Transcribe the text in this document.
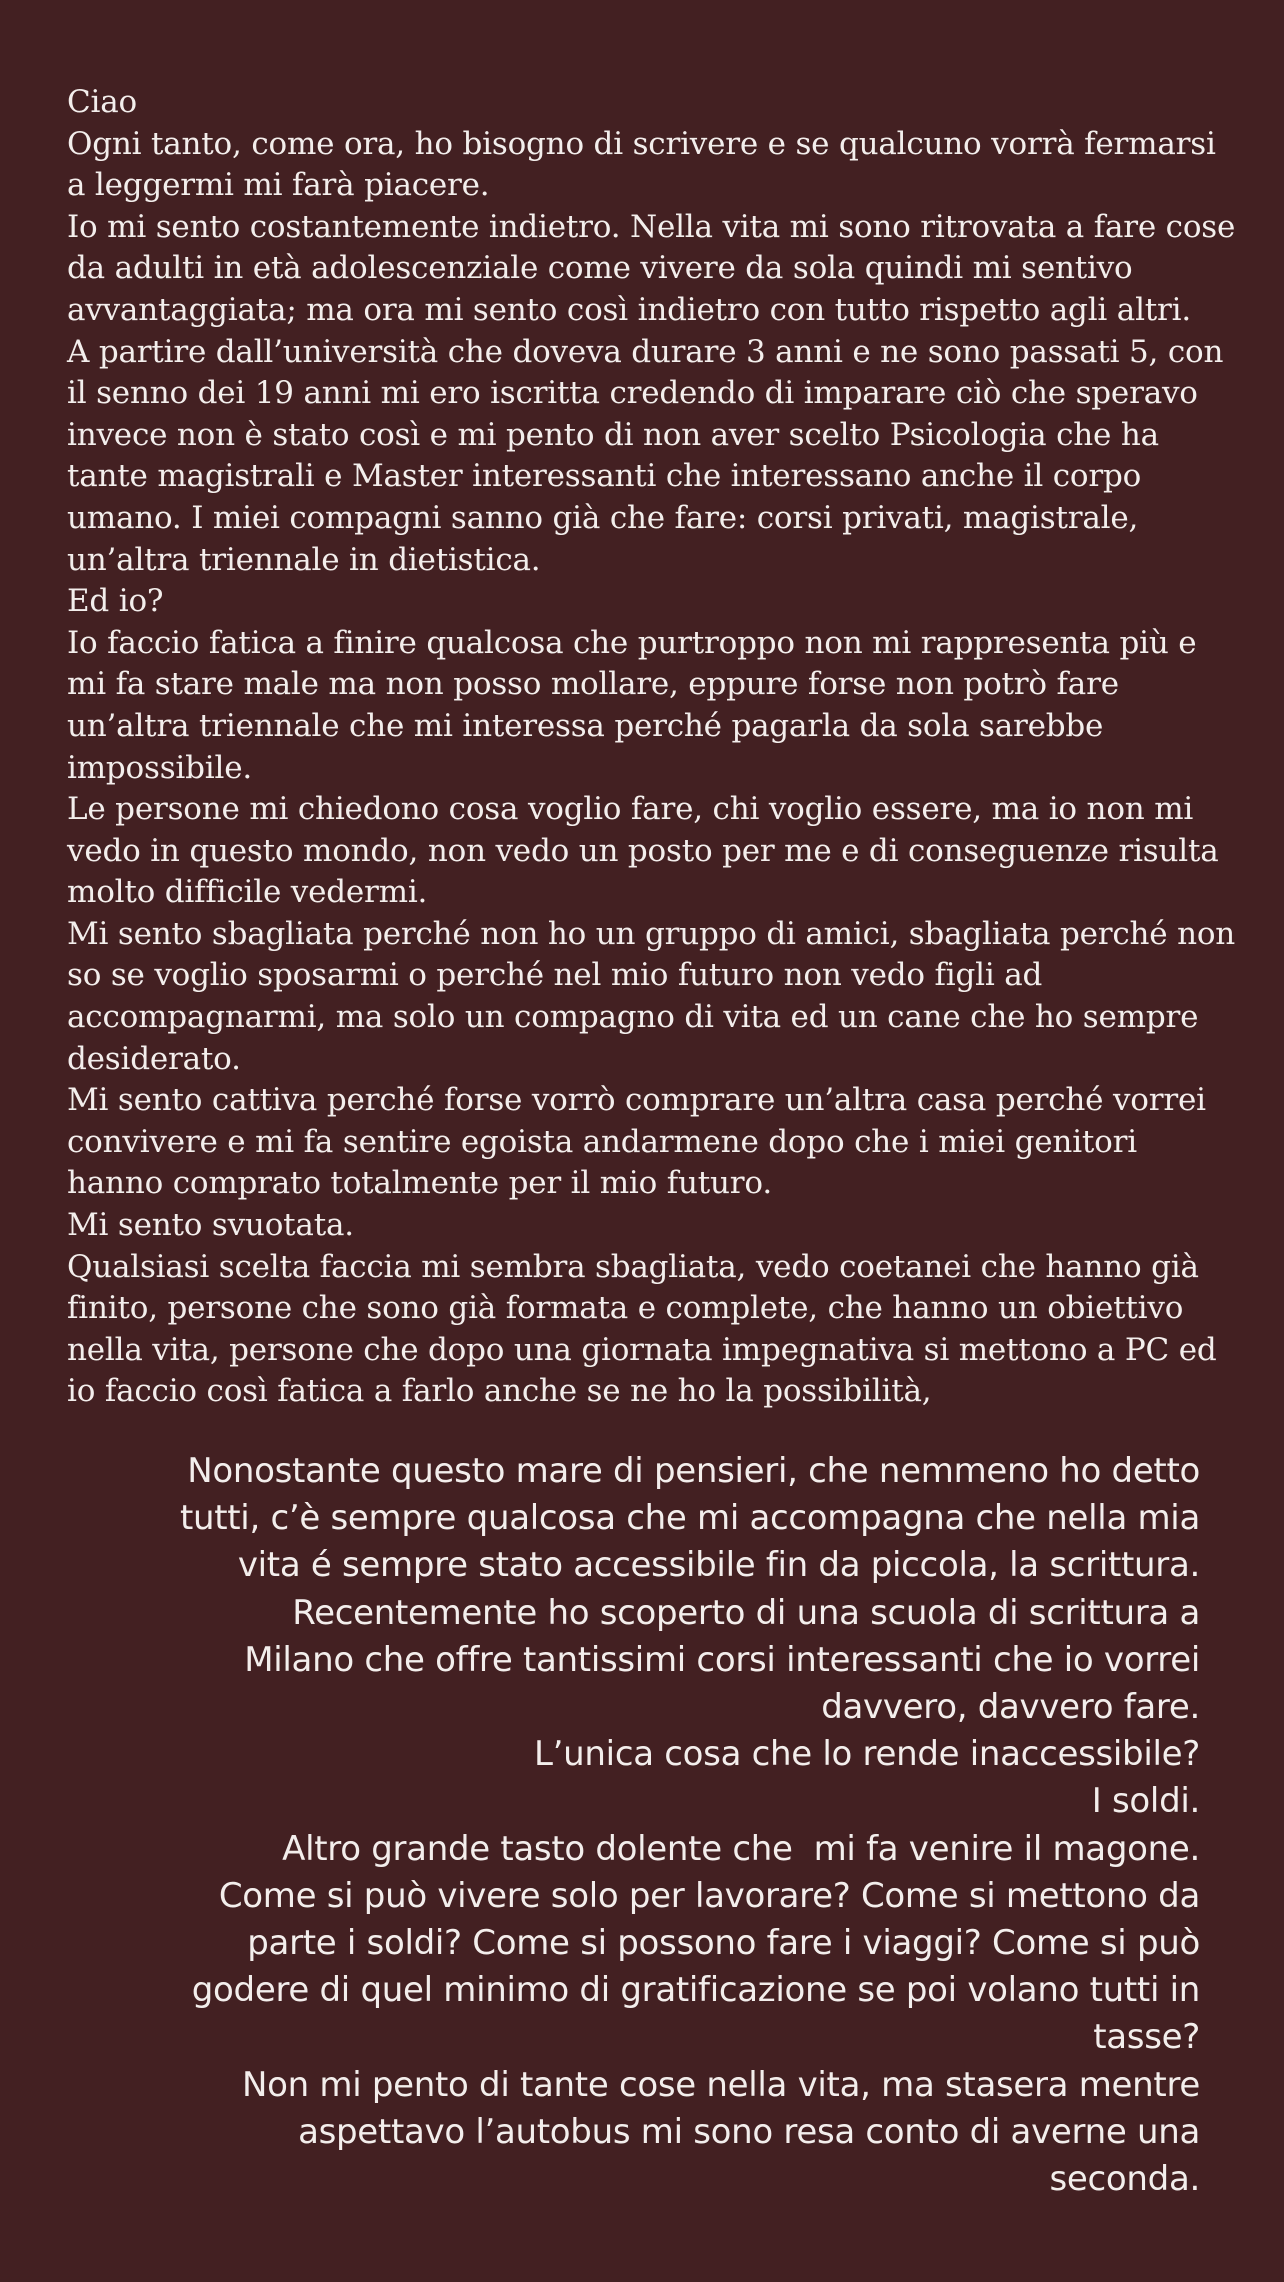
Ciao
Ogni tanto, come ora, ho bisogno di scrivere e se qualcuno vorrà fermarsi
a leggermi mi farà piacere.
Io mi sento costantemente indietro. Nella vita mi sono ritrovata a fare cose
da adulti in età adolescenziale come vivere da sola quindi mi sentivo
avvantaggiata; ma ora mi sento così indietro con tutto rispetto agli altri.
A partire dall’università che doveva durare 3 anni e ne sono passati 5, con
il senno dei 19 anni mi ero iscritta credendo di imparare ciò che speravo
invece non è stato così e mi pento di non aver scelto Psicologia che ha
tante magistrali e Master interessanti che interessano anche il corpo
umano. I miei compagni sanno già che fare: corsi privati, magistrale,
un’altra triennale in dietistica.
Ed io?
Io faccio fatica a finire qualcosa che purtroppo non mi rappresenta più e
mi fa stare male ma non posso mollare, eppure forse non potrò fare
un’altra triennale che mi interessa perché pagarla da sola sarebbe
impossibile.
Le persone mi chiedono cosa voglio fare, chi voglio essere, ma io non mi
vedo in questo mondo, non vedo un posto per me e di conseguenze risulta
molto difficile vedermi.
Mi sento sbagliata perché non ho un gruppo di amici, sbagliata perché non
so se voglio sposarmi o perché nel mio futuro non vedo figli ad
accompagnarmi, ma solo un compagno di vita ed un cane che ho sempre
desiderato.
Mi sento cattiva perché forse vorrò comprare un’altra casa perché vorrei
convivere e mi fa sentire egoista andarmene dopo che i miei genitori
hanno comprato totalmente per il mio futuro.
Mi sento svuotata.
Qualsiasi scelta faccia mi sembra sbagliata, vedo coetanei che hanno già
finito, persone che sono già formata e complete, che hanno un obiettivo
nella vita, persone che dopo una giornata impegnativa si mettono a PC ed
io faccio così fatica a farlo anche se ne ho la possibilità,
Nonostante questo mare di pensieri, che nemmeno ho detto
tutti, c’è sempre qualcosa che mi accompagna che nella mia
vita é sempre stato accessibile fin da piccola, la scrittura.
Recentemente ho scoperto di una scuola di scrittura a
Milano che offre tantissimi corsi interessanti che io vorrei
davvero, davvero fare.
L’unica cosa che lo rende inaccessibile?
I soldi.
Altro grande tasto dolente che  mi fa venire il magone.
Come si può vivere solo per lavorare? Come si mettono da
parte i soldi? Come si possono fare i viaggi? Come si può
godere di quel minimo di gratificazione se poi volano tutti in
tasse?
Non mi pento di tante cose nella vita, ma stasera mentre
aspettavo l’autobus mi sono resa conto di averne una
seconda.
